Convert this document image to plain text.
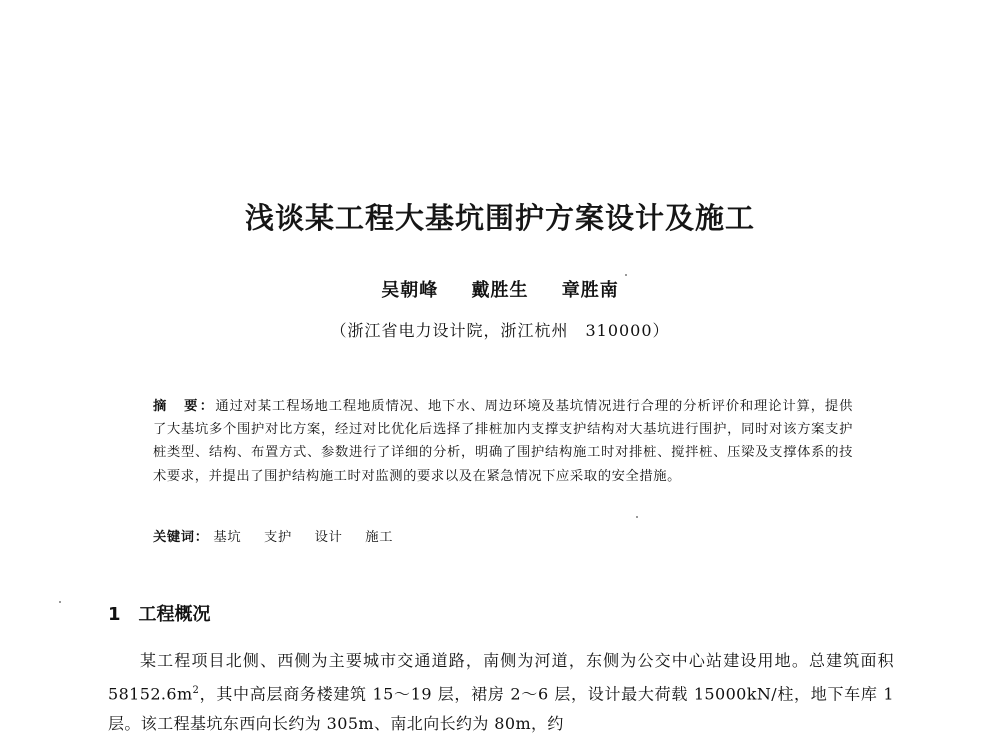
浅谈某工程大基坑围护方案设计及施工
吴朝峰 戴胜生 章胜南
（浙江省电力设计院，浙江杭州　310000）
摘　要：通过对某工程场地工程地质情况、地下水、周边环境及基坑情况进行合理的分析评价和理论计算，提供了大基坑多个围护对比方案，经过对比优化后选择了排桩加内支撑支护结构对大基坑进行围护，同时对该方案支护桩类型、结构、布置方式、参数进行了详细的分析，明确了围护结构施工时对排桩、搅拌桩、压梁及支撑体系的技术要求，并提出了围护结构施工时对监测的要求以及在紧急情况下应采取的安全措施。
关键词： 基坑 支护 设计 施工
1 工程概况
某工程项目北侧、西侧为主要城市交通道路，南侧为河道，东侧为公交中心站建设用地。总建筑面积 $58152.6m^2$，其中高层商务楼建筑 15～19 层，裙房 2～6 层，设计最大荷载 15000kN/柱，地下车库 1 层。该工程基坑东西向长约为 305m、南北向长约为 80m，约
